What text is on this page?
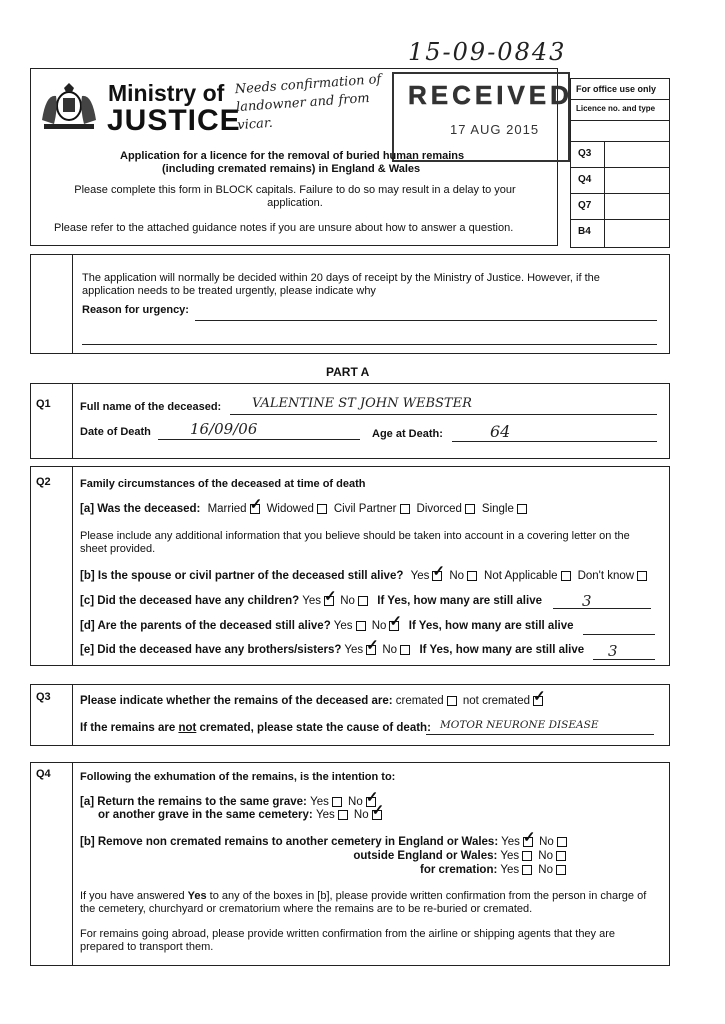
15-09-0843
Ministry of
JUSTICE
Needs confirmation of landowner and from vicar.
RECEIVED
17 AUG 2015
Application for a licence for the removal of buried human remains
(including cremated remains) in England & Wales
Please complete this form in BLOCK capitals. Failure to do so may result in a delay to your application.
Please refer to the attached guidance notes if you are unsure about how to answer a question.
For office use only
Licence no. and type
Q3
Q4
Q7
B4
The application will normally be decided within 20 days of receipt by the Ministry of Justice. However, if the application needs to be treated urgently, please indicate why
Reason for urgency:
PART A
Q1	Full name of the deceased: VALENTINE ST JOHN WEBSTER
Date of Death	16/09/06	Age at Death:	64
Q2	Family circumstances of the deceased at time of death
[a] Was the deceased: Married ✓ Widowed Civil Partner Divorced Single
Please include any additional information that you believe should be taken into account in a covering letter on the sheet provided.
[b] Is the spouse or civil partner of the deceased still alive? Yes ✓ No Not Applicable Don't know
[c] Did the deceased have any children? Yes ✓ No If Yes, how many are still alive	3
[d] Are the parents of the deceased still alive? Yes No ✓ If Yes, how many are still alive
[e] Did the deceased have any brothers/sisters? Yes ✓ No If Yes, how many are still alive 3
Q3	Please indicate whether the remains of the deceased are: cremated not cremated✓
If the remains are not cremated, please state the cause of death: MOTOR NEURONE DISEASE
Q4	Following the exhumation of the remains, is the intention to:
[a] Return the remains to the same grave: Yes No✓
or another grave in the same cemetery: Yes No✓
[b] Remove non cremated remains to another cemetery in England or Wales: Yes ✓ No
outside England or Wales: Yes No
for cremation: Yes No
If you have answered Yes to any of the boxes in [b], please provide written confirmation from the person in charge of the cemetery, churchyard or crematorium where the remains are to be re-buried or cremated.
For remains going abroad, please provide written confirmation from the airline or shipping agents that they are prepared to transport them.
